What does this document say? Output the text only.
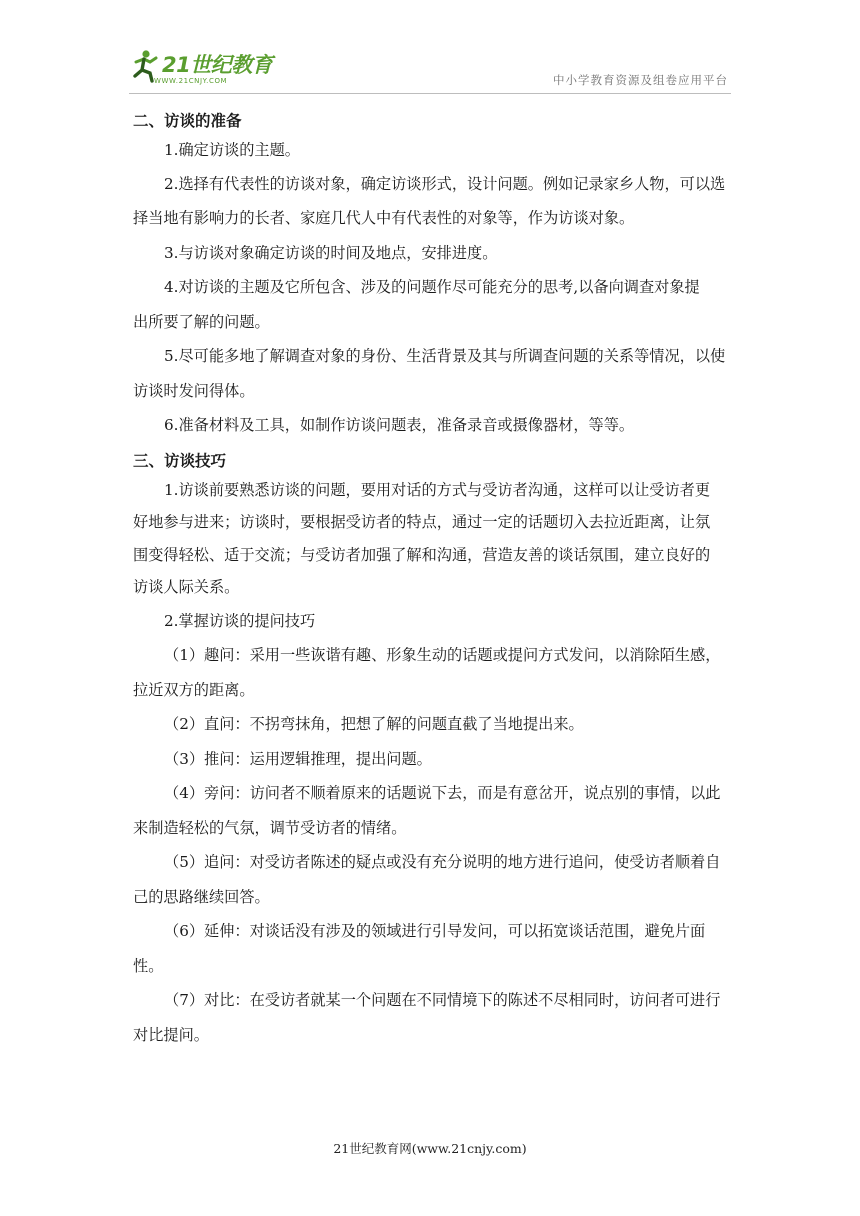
21世纪教育
WWW.21CNJY.COM	中小学教育资源及组卷应用平台
二、访谈的准备

1.确定访谈的主题。

2.选择有代表性的访谈对象，确定访谈形式，设计问题。例如记录家乡人物，可以选择当地有影响力的长者、家庭几代人中有代表性的对象等，作为访谈对象。

3.与访谈对象确定访谈的时间及地点，安排进度。

4.对访谈的主题及它所包含、涉及的问题作尽可能充分的思考,以备向调查对象提出所要了解的问题。

5.尽可能多地了解调查对象的身份、生活背景及其与所调查问题的关系等情况，以使访谈时发问得体。

6.准备材料及工具，如制作访谈问题表，准备录音或摄像器材，等等。

三、访谈技巧

1.访谈前要熟悉访谈的问题，要用对话的方式与受访者沟通，这样可以让受访者更好地参与进来；访谈时，要根据受访者的特点，通过一定的话题切入去拉近距离，让氛围变得轻松、适于交流；与受访者加强了解和沟通，营造友善的谈话氛围，建立良好的访谈人际关系。

2.掌握访谈的提问技巧

（1）趣问：采用一些诙谐有趣、形象生动的话题或提问方式发问，以消除陌生感，拉近双方的距离。

（2）直问：不拐弯抹角，把想了解的问题直截了当地提出来。

（3）推问：运用逻辑推理，提出问题。

（4）旁问：访问者不顺着原来的话题说下去，而是有意岔开，说点别的事情，以此来制造轻松的气氛，调节受访者的情绪。

（5）追问：对受访者陈述的疑点或没有充分说明的地方进行追问，使受访者顺着自己的思路继续回答。

（6）延伸：对谈话没有涉及的领域进行引导发问，可以拓宽谈话范围，避免片面性。

（7）对比：在受访者就某一个问题在不同情境下的陈述不尽相同时，访问者可进行对比提问。

21世纪教育网(www.21cnjy.com)
